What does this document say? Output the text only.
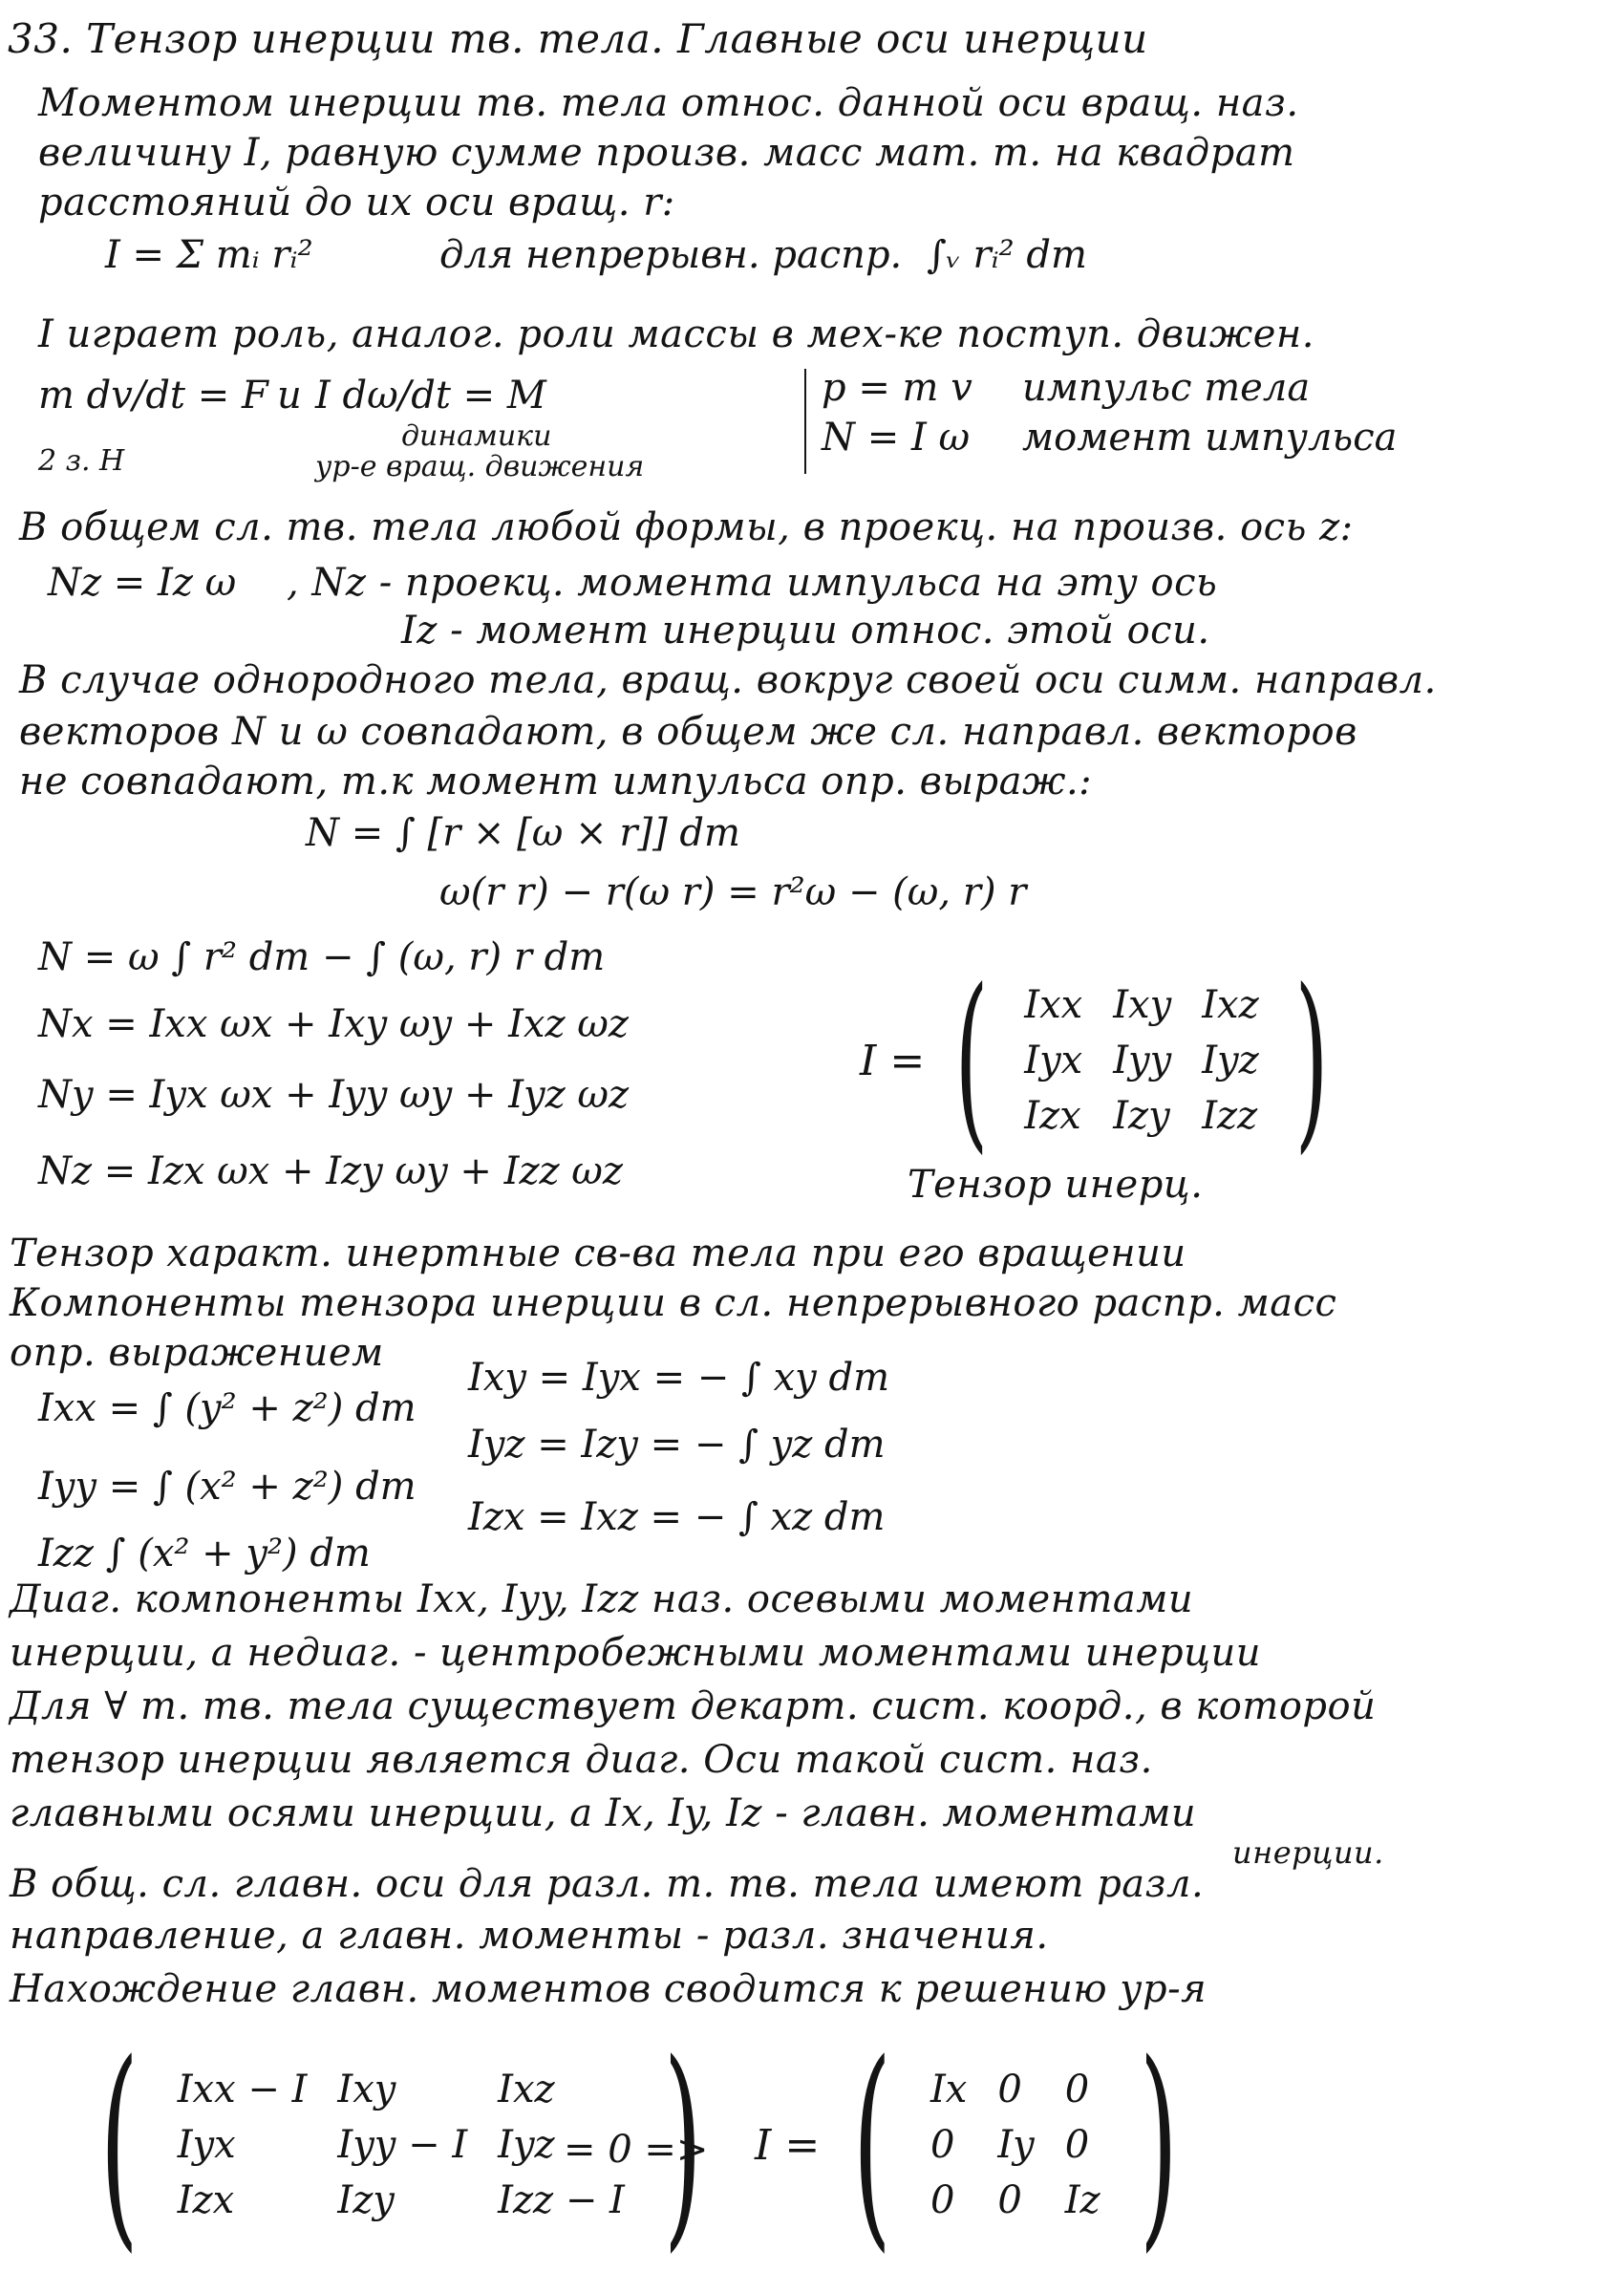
33. Тензор инерции тв. тела. Главные оси инерции
Моментом инерции тв. тела относ. данной оси вращ. наз.
величину I, равную сумме произв. масс мат. т. на квадрат
расстояний до их оси вращ. r:
I = Σ mᵢ rᵢ²	для непрерывн. распр. ∫ᵥ rᵢ² dm
I играет роль, аналог. роли массы в мех-ке поступ. движен.
m dv/dt = F
2 з. Н
и I dω/dt = M
динамики
ур-е вращ. движения
p = m v импульс тела
N = I ω момент импульса
В общем сл. тв. тела любой формы, в проекц. на произв. ось z:
Nz = Iz ω , Nz - проекц. момента импульса на эту ось
Iz - момент инерции относ. этой оси.
В случае однородного тела, вращ. вокруг своей оси симм. направл.
векторов N и ω совпадают, в общем же сл. направл. векторов
не совпадают, т.к момент импульса опр. выраж.:
N = ∫ [r × [ω × r]] dm
ω(r r) − r(ω r) = r²ω − (ω, r) r
N = ω ∫ r² dm − ∫ (ω, r) r dm
Nx = Ixx ωx + Ixy ωy + Ixz ωz
Ny = Iyx ωx + Iyy ωy + Iyz ωz
Nz = Izx ωx + Izy ωy + Izz ωz
I = ( Ixx	Ixy	Ixz
Iyx	Iyy	Iyz
Izx	Izy	Izz )
Тензор инерц.
Тензор характ. инертные св-ва тела при его вращении
Компоненты тензора инерции в сл. непрерывного распр. масс
опр. выражением
Ixx = ∫ (y² + z²) dm
Iyy = ∫ (x² + z²) dm
Izz ∫ (x² + y²) dm
Ixy = Iyx = − ∫ xy dm
Iyz = Izy = − ∫ yz dm
Izx = Ixz = − ∫ xz dm
Диаг. компоненты Ixx, Iyy, Izz наз. осевыми моментами
инерции, а недиаг. - центробежными моментами инерции
Для ∀ т. тв. тела существует декарт. сист. коорд., в которой
тензор инерции является диаг. Оси такой сист. наз.
главными осями инерции, а Ix, Iy, Iz - главн. моментами
инерции.
В общ. сл. главн. оси для разл. т. тв. тела имеют разл.
направление, а главн. моменты - разл. значения.
Нахождение главн. моментов сводится к решению ур-я
( Ixx − I	Ixy	Ixz
Iyx	Iyy − I	Iyz
Izx	Izy	Izz − I )
= 0 => I = ( Ix	0	0
0	Iy	0
0	0	Iz )
